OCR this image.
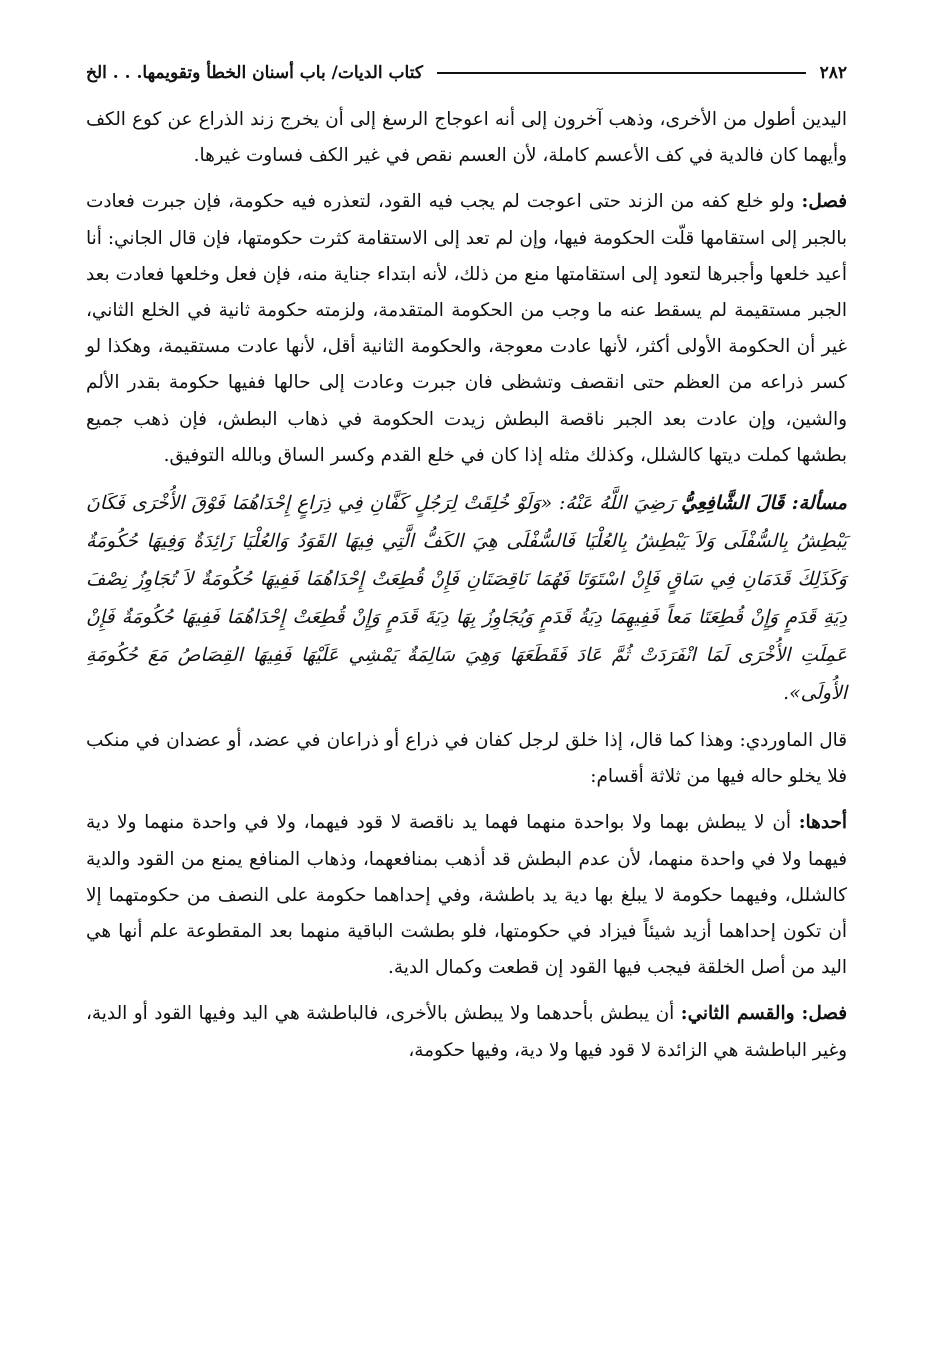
٢٨٢
كتاب الديات/ باب أسنان الخطأ وتقويمها. . . الخ

اليدين أطول من الأخرى، وذهب آخرون إلى أنه اعوجاج الرسغ إلى أن يخرج زند الذراع عن كوع الكف وأيهما كان فالدية في كف الأعسم كاملة، لأن العسم نقص في غير الكف فساوت غيرها.

فصل: ولو خلع كفه من الزند حتى اعوجت لم يجب فيه القود، لتعذره فيه حكومة، فإن جبرت فعادت بالجبر إلى استقامها قلّت الحكومة فيها، وإن لم تعد إلى الاستقامة كثرت حكومتها، فإن قال الجاني: أنا أعيد خلعها وأجبرها لتعود إلى استقامتها منع من ذلك، لأنه ابتداء جناية منه، فإن فعل وخلعها فعادت بعد الجبر مستقيمة لم يسقط عنه ما وجب من الحكومة المتقدمة، ولزمته حكومة ثانية في الخلع الثاني، غير أن الحكومة الأولى أكثر، لأنها عادت معوجة، والحكومة الثانية أقل، لأنها عادت مستقيمة، وهكذا لو كسر ذراعه من العظم حتى انقصف وتشظى فان جبرت وعادت إلى حالها ففيها حكومة بقدر الألم والشين، وإن عادت بعد الجبر ناقصة البطش زيدت الحكومة في ذهاب البطش، فإن ذهب جميع بطشها كملت ديتها كالشلل، وكذلك مثله إذا كان في خلع القدم وكسر الساق وبالله التوفيق.

مسألة: قَالَ الشَّافِعِيُّ رَضِيَ اللَّهُ عَنْهُ: «وَلَوْ خُلِقَتْ لِرَجُلٍ كَفَّانِ فِي ذِرَاعٍ إِحْدَاهُمَا فَوْقَ الأُخْرَى فَكَانَ يَبْطِشُ بِالسُّفْلَى وَلاَ يَبْطِشُ بِالعُلْيَا فَالسُّفْلَى هِيَ الكَفُّ الَّتِي فِيهَا القَوَدُ وَالعُلْيَا زَائِدَةٌ وَفِيهَا حُكُومَةٌ وَكَذَلِكَ قَدَمَانِ فِي سَاقٍ فَإِنْ اسْتَوَتَا فَهُمَا نَاقِصَتَانِ فَإِنْ قُطِعَتْ إِحْدَاهُمَا فَفِيهَا حُكُومَةٌ لاَ تُجَاوِزُ نِصْفَ دِيَةِ قَدَمٍ وَإِنْ قُطِعَتَا مَعاً فَفِيهِمَا دِيَةُ قَدَمٍ وَيُجَاوِزُ بِهَا دِيَةَ قَدَمٍ وَإِنْ قُطِعَتْ إِحْدَاهُمَا فَفِيهَا حُكُومَةٌ فَإِنْ عَمِلَتِ الأُخْرَى لَمَا انْفَرَدَتْ ثُمَّ عَادَ فَقَطَعَهَا وَهِيَ سَالِمَةٌ يَمْشِي عَلَيْهَا فَفِيهَا القِصَاصُ مَعَ حُكُومَةِ الأُولَى».

قال الماوردي: وهذا كما قال، إذا خلق لرجل كفان في ذراع أو ذراعان في عضد، أو عضدان في منكب فلا يخلو حاله فيها من ثلاثة أقسام:

أحدها: أن لا يبطش بهما ولا بواحدة منهما فهما يد ناقصة لا قود فيهما، ولا في واحدة منهما ولا دية فيهما ولا في واحدة منهما، لأن عدم البطش قد أذهب بمنافعهما، وذهاب المنافع يمنع من القود والدية كالشلل، وفيهما حكومة لا يبلغ بها دية يد باطشة، وفي إحداهما حكومة على النصف من حكومتهما إلا أن تكون إحداهما أزيد شيئاً فيزاد في حكومتها، فلو بطشت الباقية منهما بعد المقطوعة علم أنها هي اليد من أصل الخلقة فيجب فيها القود إن قطعت وكمال الدية.

فصل: والقسم الثاني: أن يبطش بأحدهما ولا يبطش بالأخرى، فالباطشة هي اليد وفيها القود أو الدية، وغير الباطشة هي الزائدة لا قود فيها ولا دية، وفيها حكومة،
